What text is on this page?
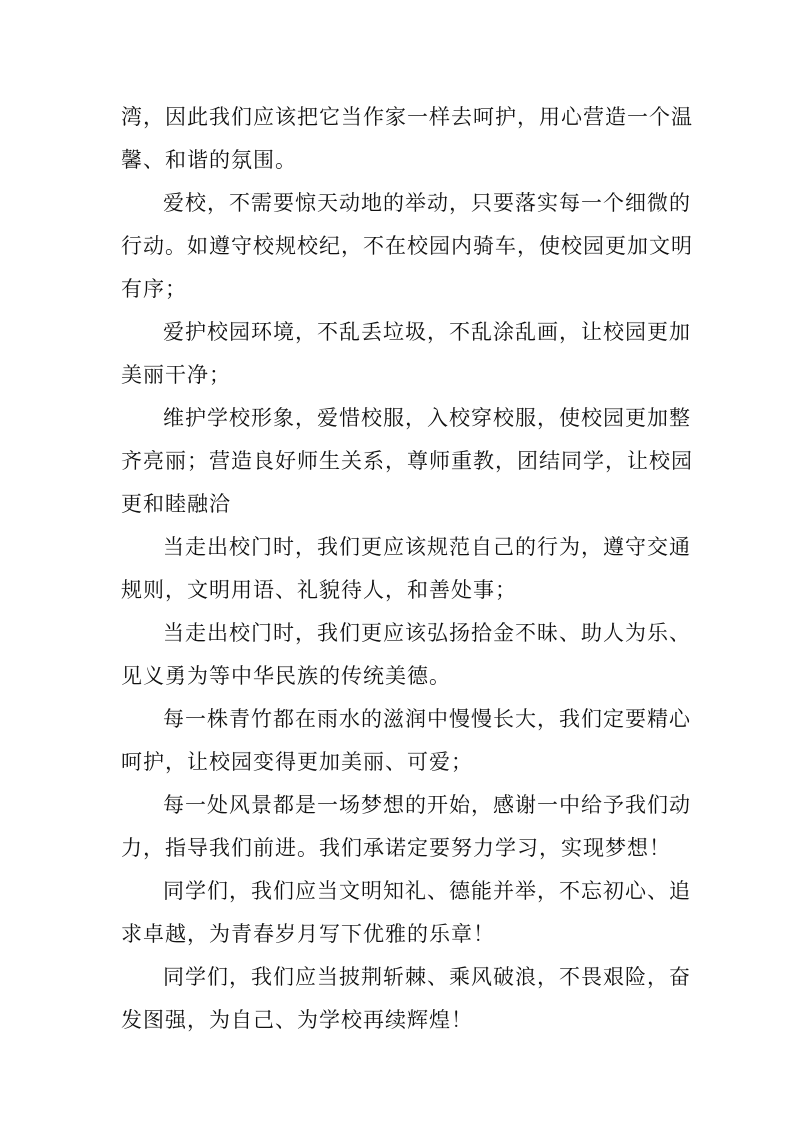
湾，因此我们应该把它当作家一样去呵护，用心营造一个温
馨、和谐的氛围。
爱校，不需要惊天动地的举动，只要落实每一个细微的
行动。如遵守校规校纪，不在校园内骑车，使校园更加文明
有序；
爱护校园环境，不乱丢垃圾，不乱涂乱画，让校园更加
美丽干净；
维护学校形象，爱惜校服，入校穿校服，使校园更加整
齐亮丽；营造良好师生关系，尊师重教，团结同学，让校园
更和睦融洽
当走出校门时，我们更应该规范自己的行为，遵守交通
规则，文明用语、礼貌待人，和善处事；
当走出校门时，我们更应该弘扬拾金不昧、助人为乐、
见义勇为等中华民族的传统美德。
每一株青竹都在雨水的滋润中慢慢长大，我们定要精心
呵护，让校园变得更加美丽、可爱；
每一处风景都是一场梦想的开始，感谢一中给予我们动
力，指导我们前进。我们承诺定要努力学习，实现梦想！
同学们，我们应当文明知礼、德能并举，不忘初心、追
求卓越，为青春岁月写下优雅的乐章！
同学们，我们应当披荆斩棘、乘风破浪，不畏艰险，奋
发图强，为自己、为学校再续辉煌！
